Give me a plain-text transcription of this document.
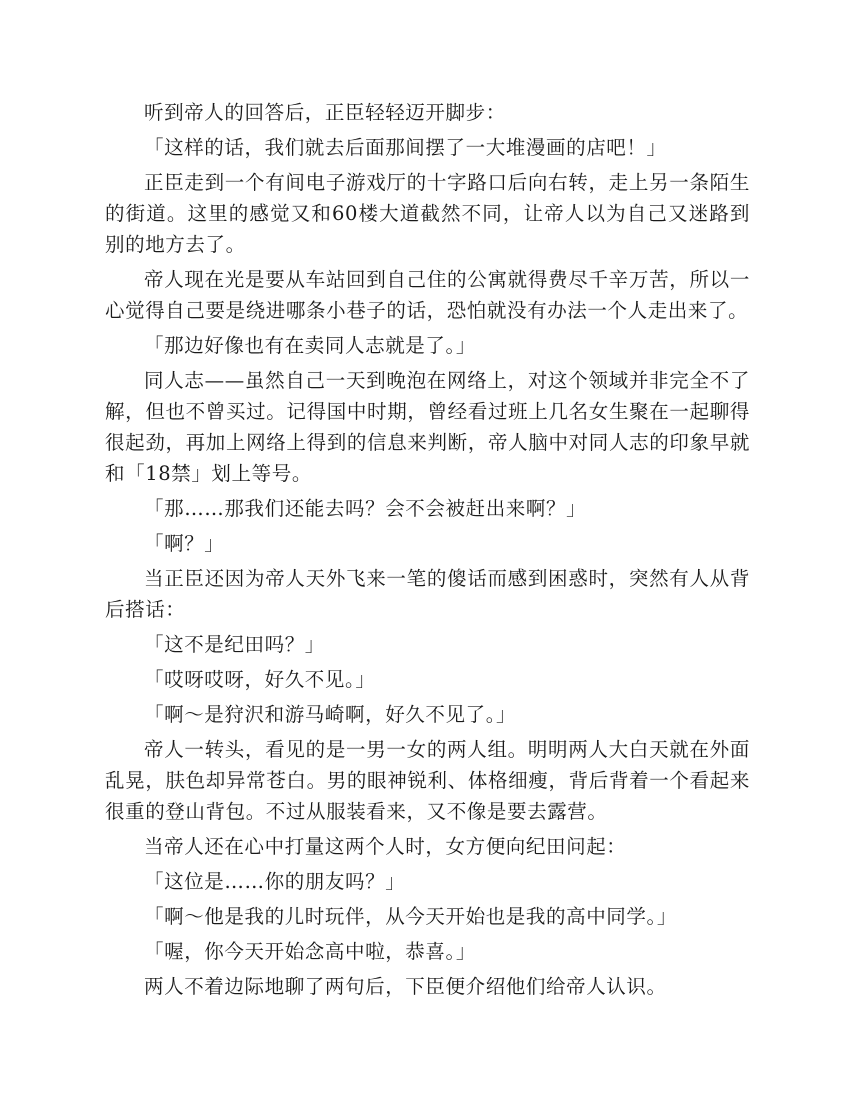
听到帝人的回答后，正臣轻轻迈开脚步：

「这样的话，我们就去后面那间摆了一大堆漫画的店吧！」

正臣走到一个有间电子游戏厅的十字路口后向右转，走上另一条陌生的街道。这里的感觉又和60楼大道截然不同，让帝人以为自己又迷路到别的地方去了。

帝人现在光是要从车站回到自己住的公寓就得费尽千辛万苦，所以一心觉得自己要是绕进哪条小巷子的话，恐怕就没有办法一个人走出来了。

「那边好像也有在卖同人志就是了。」

同人志——虽然自己一天到晚泡在网络上，对这个领域并非完全不了解，但也不曾买过。记得国中时期，曾经看过班上几名女生聚在一起聊得很起劲，再加上网络上得到的信息来判断，帝人脑中对同人志的印象早就和「18禁」划上等号。

「那……那我们还能去吗？会不会被赶出来啊？」

「啊？」

当正臣还因为帝人天外飞来一笔的傻话而感到困惑时，突然有人从背后搭话：

「这不是纪田吗？」

「哎呀哎呀，好久不见。」

「啊～是狩沢和游马崎啊，好久不见了。」

帝人一转头，看见的是一男一女的两人组。明明两人大白天就在外面乱晃，肤色却异常苍白。男的眼神锐利、体格细瘦，背后背着一个看起来很重的登山背包。不过从服装看来，又不像是要去露营。

当帝人还在心中打量这两个人时，女方便向纪田问起：

「这位是……你的朋友吗？」

「啊～他是我的儿时玩伴，从今天开始也是我的高中同学。」

「喔，你今天开始念高中啦，恭喜。」

两人不着边际地聊了两句后，下臣便介绍他们给帝人认识。
